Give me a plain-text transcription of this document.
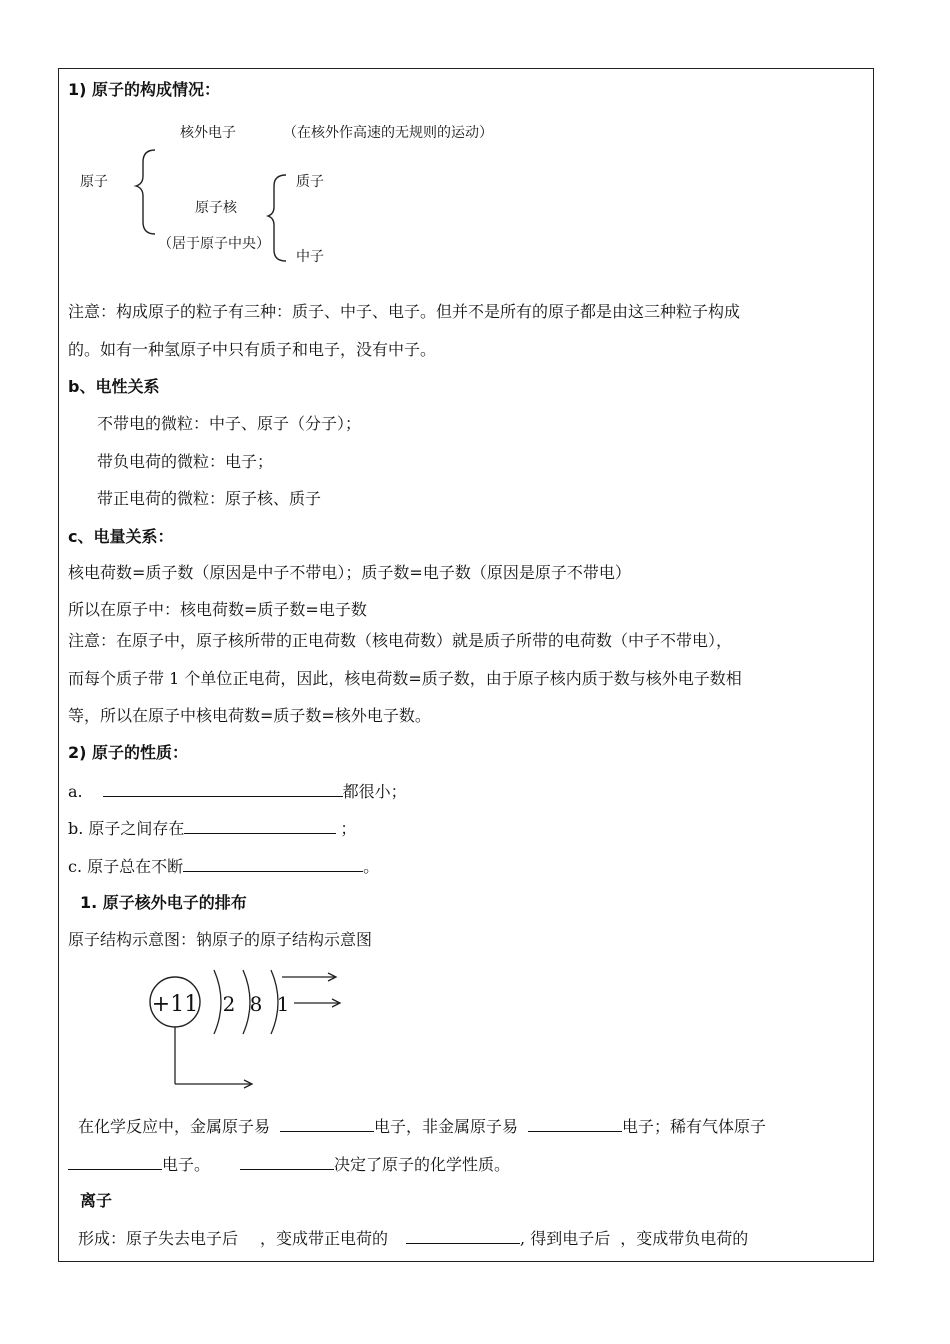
1) 原子的构成情况：
核外电子	（在核外作高速的无规则的运动）
原子
原子核
（居于原子中央）
质子
中子
注意：构成原子的粒子有三种：质子、中子、电子。但并不是所有的原子都是由这三种粒子构成
的。如有一种氢原子中只有质子和电子，没有中子。
b、电性关系
不带电的微粒：中子、原子（分子）；
带负电荷的微粒：电子；
带正电荷的微粒：原子核、质子
c、电量关系：
核电荷数=质子数（原因是中子不带电）；质子数=电子数（原因是原子不带电）
所以在原子中：核电荷数=质子数=电子数
注意：在原子中，原子核所带的正电荷数（核电荷数）就是质子所带的电荷数（中子不带电），
而每个质子带 1 个单位正电荷，因此，核电荷数=质子数，由于原子核内质于数与核外电子数相
等，所以在原子中核电荷数=质子数=核外电子数。
2) 原子的性质：
a.	都很小；
b. 原子之间存在	；
c. 原子总在不断	。
1. 原子核外电子的排布
原子结构示意图：钠原子的原子结构示意图
+11 2 8 1
在化学反应中，金属原子易	电子，非金属原子易	电子；稀有气体原子
电子。	决定了原子的化学性质。
离子
形成：原子失去电子后 ，变成带正电荷的	, 得到电子后 ，变成带负电荷的
